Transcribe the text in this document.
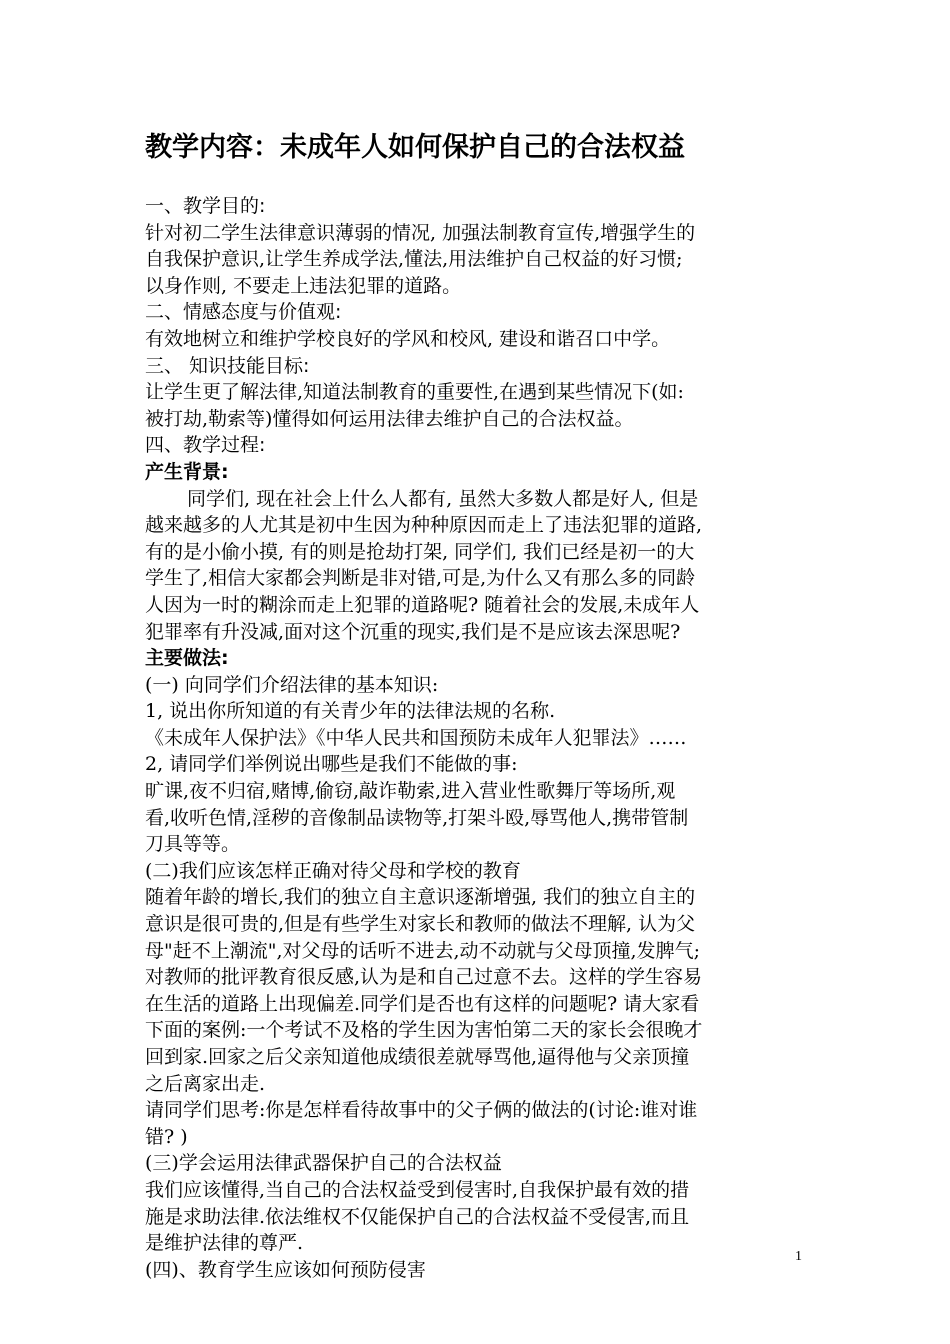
教学内容：未成年人如何保护自己的合法权益
一、教学目的:
针对初二学生法律意识薄弱的情况, 加强法制教育宣传,增强学生的
自我保护意识,让学生养成学法,懂法,用法维护自己权益的好习惯;
以身作则, 不要走上违法犯罪的道路。
二、情感态度与价值观:
有效地树立和维护学校良好的学风和校风, 建设和谐召口中学。
三、 知识技能目标:
让学生更了解法律,知道法制教育的重要性,在遇到某些情况下(如:
被打劫,勒索等)懂得如何运用法律去维护自己的合法权益。
四、教学过程:
产生背景:
同学们, 现在社会上什么人都有, 虽然大多数人都是好人, 但是
越来越多的人尤其是初中生因为种种原因而走上了违法犯罪的道路,
有的是小偷小摸, 有的则是抢劫打架, 同学们, 我们已经是初一的大
学生了,相信大家都会判断是非对错,可是,为什么又有那么多的同龄
人因为一时的糊涂而走上犯罪的道路呢? 随着社会的发展,未成年人
犯罪率有升没减,面对这个沉重的现实,我们是不是应该去深思呢?
主要做法:
(一) 向同学们介绍法律的基本知识:
1, 说出你所知道的有关青少年的法律法规的名称.
《未成年人保护法》《中华人民共和国预防未成年人犯罪法》……
2, 请同学们举例说出哪些是我们不能做的事:
旷课,夜不归宿,赌博,偷窃,敲诈勒索,进入营业性歌舞厅等场所,观
看,收听色情,淫秽的音像制品读物等,打架斗殴,辱骂他人,携带管制
刀具等等。
(二)我们应该怎样正确对待父母和学校的教育
随着年龄的增长,我们的独立自主意识逐渐增强, 我们的独立自主的
意识是很可贵的,但是有些学生对家长和教师的做法不理解, 认为父
母"赶不上潮流",对父母的话听不进去,动不动就与父母顶撞,发脾气;
对教师的批评教育很反感,认为是和自己过意不去。这样的学生容易
在生活的道路上出现偏差.同学们是否也有这样的问题呢? 请大家看
下面的案例:一个考试不及格的学生因为害怕第二天的家长会很晚才
回到家.回家之后父亲知道他成绩很差就辱骂他,逼得他与父亲顶撞
之后离家出走.
请同学们思考:你是怎样看待故事中的父子俩的做法的(讨论:谁对谁
错? )
(三)学会运用法律武器保护自己的合法权益
我们应该懂得,当自己的合法权益受到侵害时,自我保护最有效的措
施是求助法律.依法维权不仅能保护自己的合法权益不受侵害,而且
是维护法律的尊严.
(四)、教育学生应该如何预防侵害
1
